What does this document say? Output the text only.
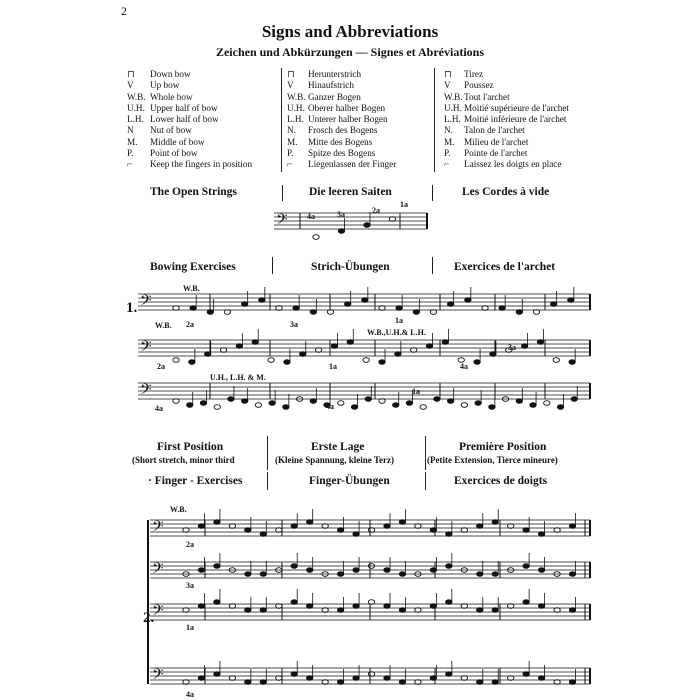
2
Signs and Abbreviations
Zeichen und Abkürzungen — Signes et Abréviations
⊓	Down bow
V	Up bow
W.B. Whole bow
U.H. Upper half of bow
L.H. Lower half of bow
N	Nut of bow
M.	Middle of bow
P.	Point of bow
⌐	Keep the fingers in position
⊓	Herunterstrich
V	Hinaufstrich
W.B. Ganzer Bogen
U.H. Oberer halber Bogen
L.H. Unterer halber Bogen
N.	Frosch des Bogens
M.	Mitte des Bogens
P.	Spitze des Bogens
⌐	Liegenlassen der Finger
⊓	Tirez
V	Poussez
W.B. Tout l'archet
U.H. Moitié supérieure de l'archet
L.H. Moitié inférieure de l'archet
N.	Talon de l'archet
M.	Milieu de l'archet
P.	Pointe de l'archet
⌐	Laissez les doigts en place
The Open Strings	Die leeren Saiten	Les Cordes à vide
Bowing Exercises	Strich-Übungen	Exercices de l'archet
1.
First Position
(Short stretch, minor third
Erste Lage
(Kleine Spannung, kleine Terz)
Première Position
(Petite Extension, Tierce mineure)
· Finger - Exercises	Finger-Übungen	Exercices de doigts
2.
𝄢
𝄢
𝄢
𝄢
𝄢
𝄢
𝄢
𝄢
4a	3a	2a
1a
W.B.
W.B.
W.B.,U.H.& L.H.
U.H., L.H. & M.
2a	3a	1a
2a	1a	4a
3a
4a
1a
4a
W.B.
2a
3a
1a
4a
